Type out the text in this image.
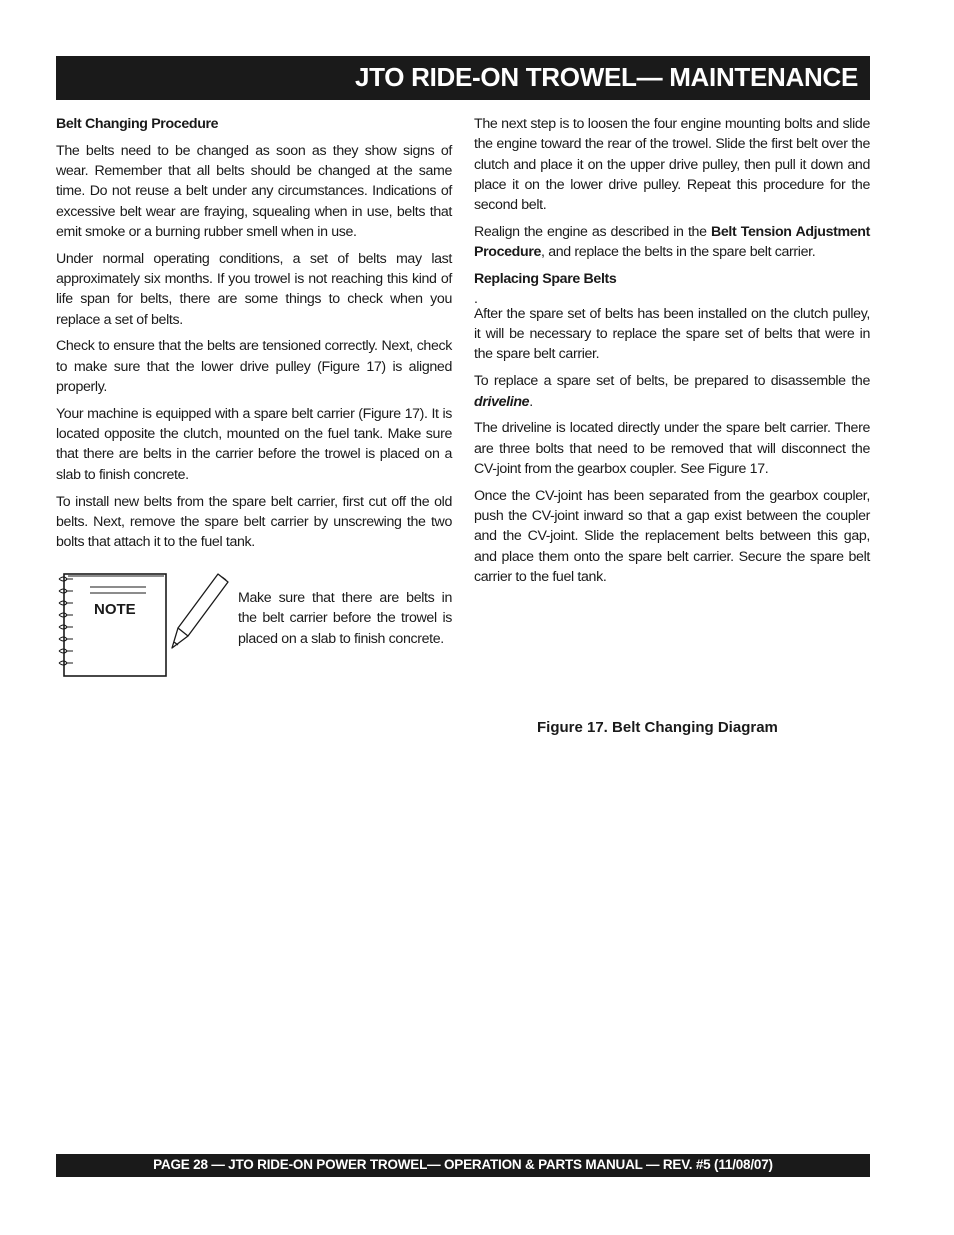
JTO RIDE-ON TROWEL— MAINTENANCE
Belt Changing Procedure

The belts need to be changed as soon as they show signs of wear. Remember that all belts should be changed at the same time. Do not reuse a belt under any circumstances. Indications of excessive belt wear are fraying, squealing when in use, belts that emit smoke or a burning rubber smell when in use.

Under normal operating conditions, a set of belts may last approximately six months. If you trowel is not reaching this kind of life span for belts, there are some things to check when you replace a set of belts.

Check to ensure that the belts are tensioned correctly. Next, check to make sure that the lower drive pulley (Figure 17) is aligned properly.

Your machine is equipped with a spare belt carrier (Figure 17). It is located opposite the clutch, mounted on the fuel tank. Make sure that there are belts in the carrier before the trowel is placed on a slab to finish concrete.

To install new belts from the spare belt carrier, first cut off the old belts. Next, remove the spare belt carrier by unscrewing the two bolts that attach it to the fuel tank.

NOTE
Make sure that there are belts in the belt carrier before the trowel is placed on a slab to finish concrete.

The next step is to loosen the four engine mounting bolts and slide the engine toward the rear of the trowel. Slide the first belt over the clutch and place it on the upper drive pulley, then pull it down and place it on the lower drive pulley. Repeat this procedure for the second belt.

Realign the engine as described in the Belt Tension Adjustment Procedure, and replace the belts in the spare belt carrier.

Replacing Spare Belts
.

After the spare set of belts has been installed on the clutch pulley, it will be necessary to replace the spare set of belts that were in the spare belt carrier.

To replace a spare set of belts, be prepared to disassemble the driveline.

The driveline is located directly under the spare belt carrier. There are three bolts that need to be removed that will disconnect the CV-joint from the gearbox coupler. See Figure 17.

Once the CV-joint has been separated from the gearbox coupler, push the CV-joint inward so that a gap exist between the coupler and the CV-joint. Slide the replacement belts between this gap, and place them onto the spare belt carrier. Secure the spare belt carrier to the fuel tank.

Figure 17. Belt Changing Diagram
PAGE 28 — JTO RIDE-ON POWER TROWEL— OPERATION & PARTS MANUAL — REV. #5 (11/08/07)
